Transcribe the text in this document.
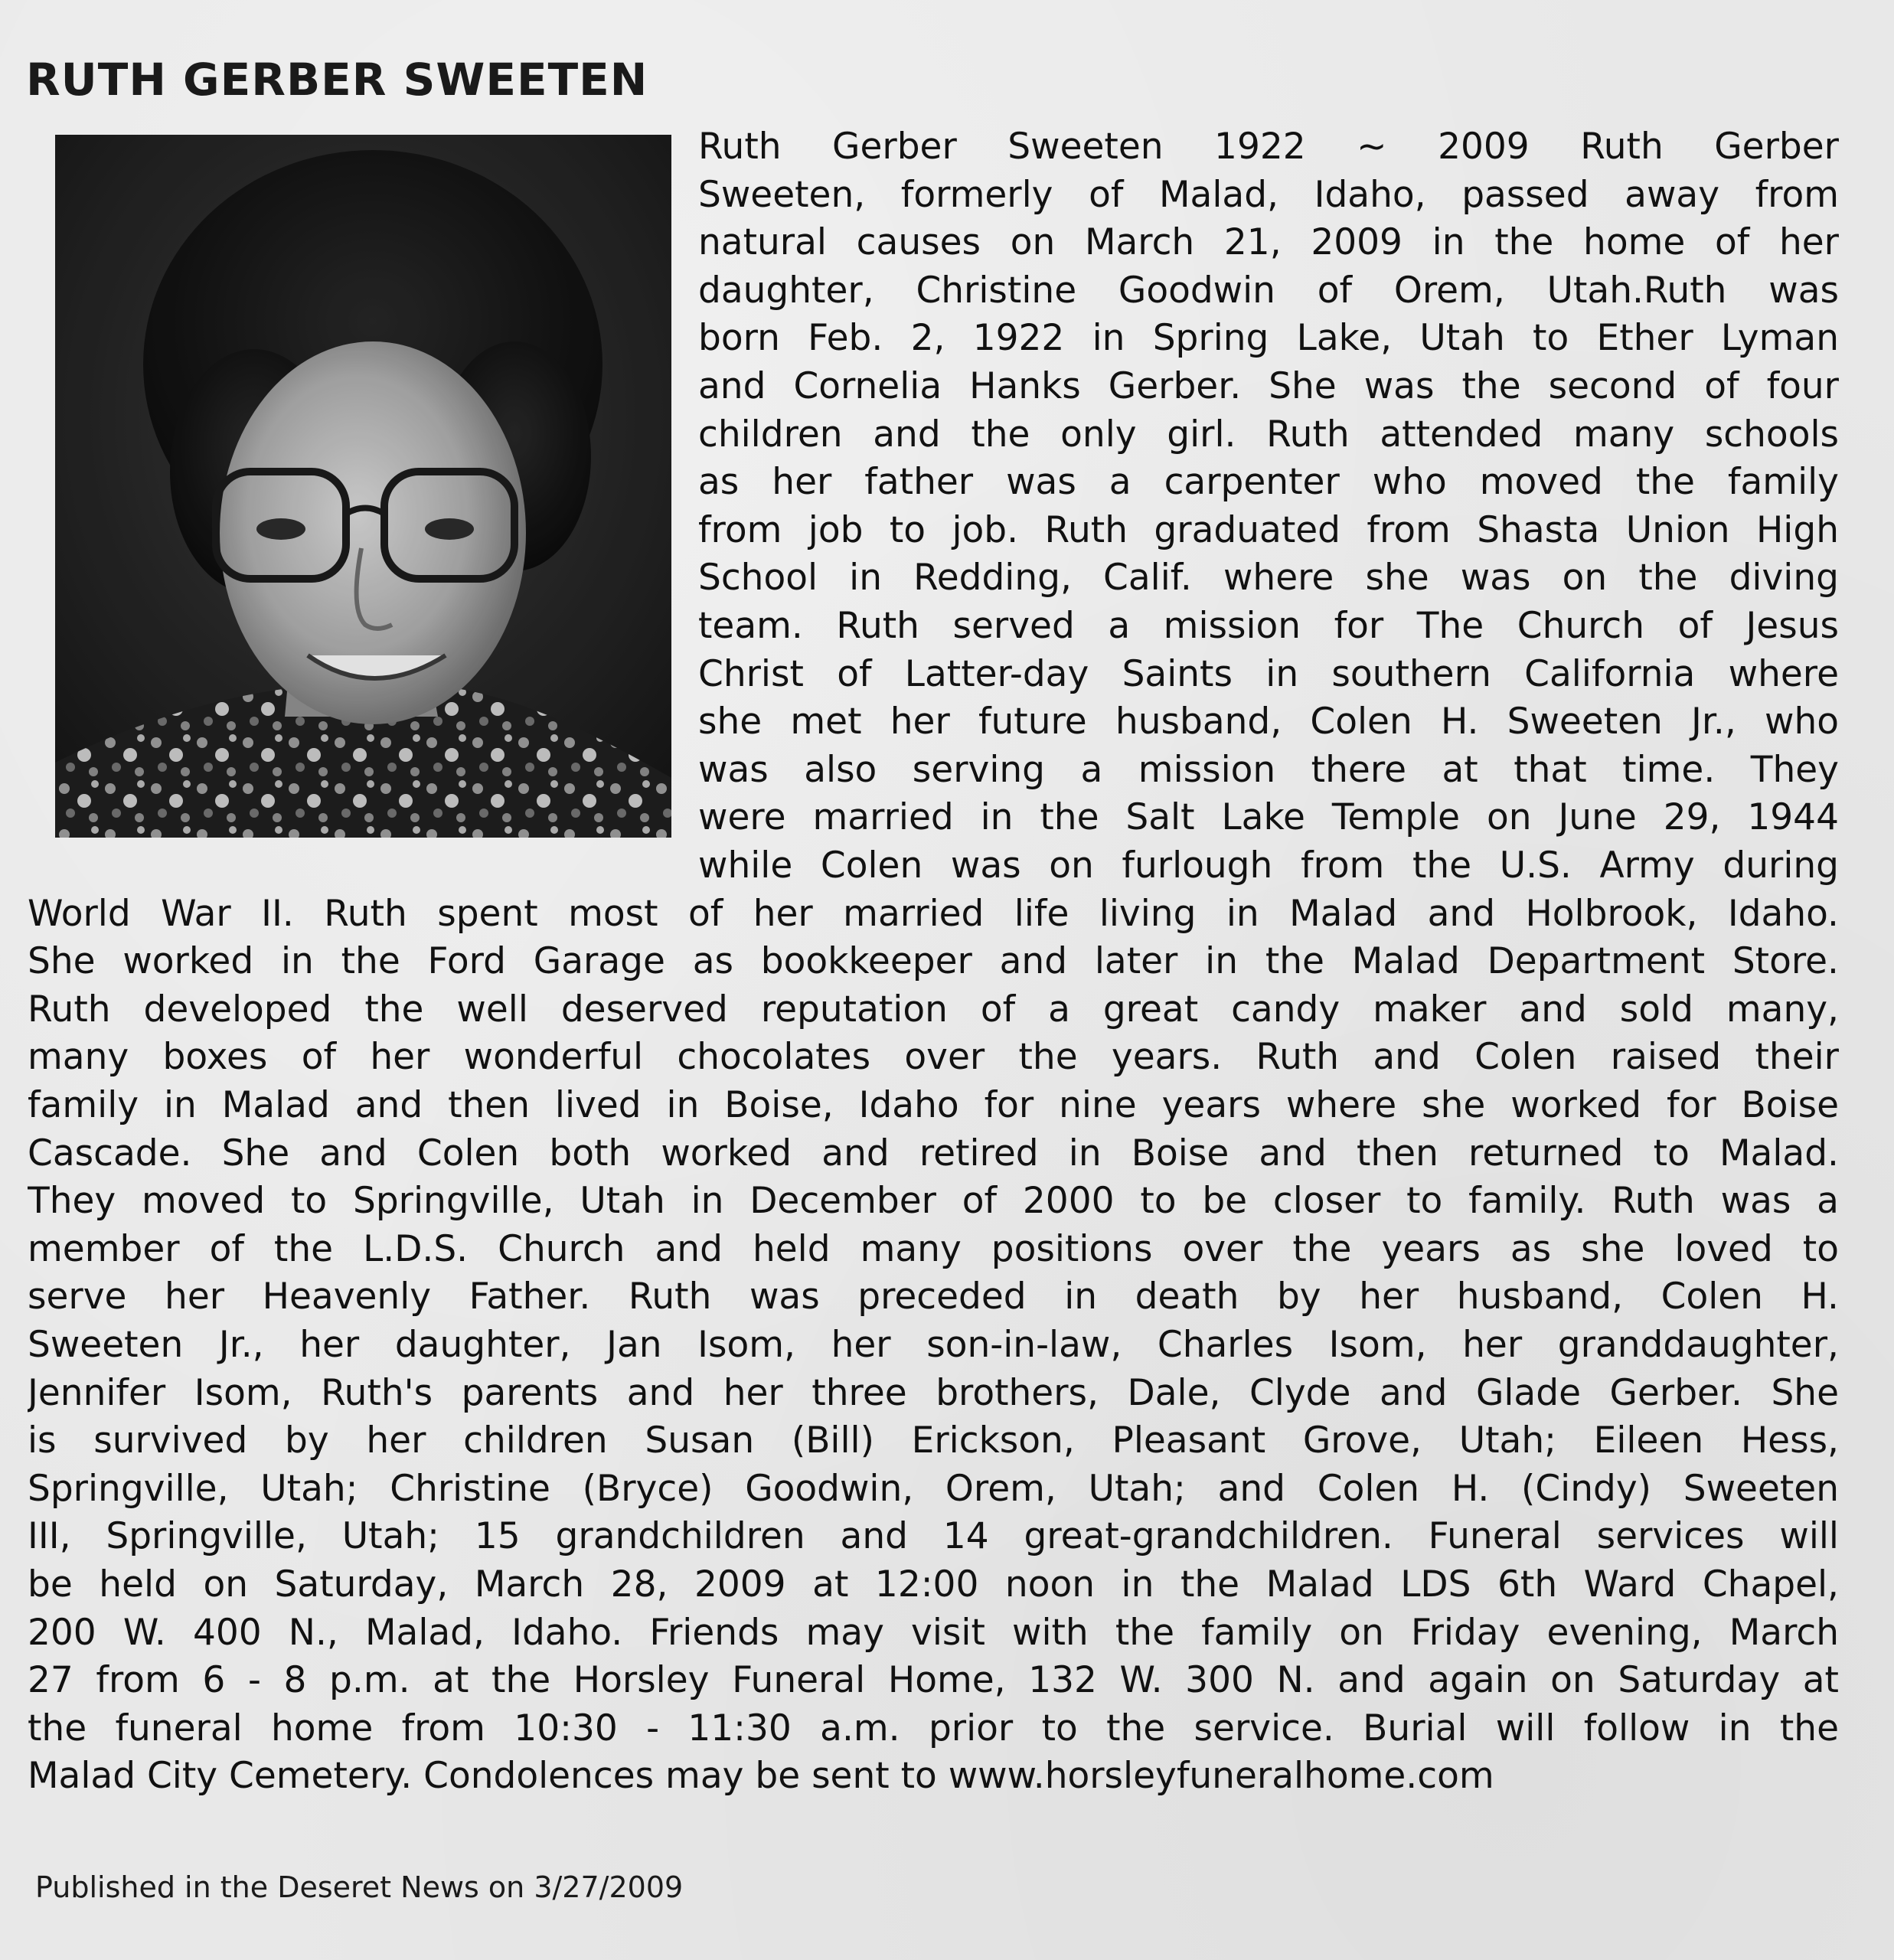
RUTH GERBER SWEETEN
Ruth Gerber Sweeten 1922 ~ 2009 Ruth Gerber
Sweeten, formerly of Malad, Idaho, passed away from
natural causes on March 21, 2009 in the home of her
daughter, Christine Goodwin of Orem, Utah.Ruth was
born Feb. 2, 1922 in Spring Lake, Utah to Ether Lyman
and Cornelia Hanks Gerber. She was the second of four
children and the only girl. Ruth attended many schools
as her father was a carpenter who moved the family
from job to job. Ruth graduated from Shasta Union High
School in Redding, Calif. where she was on the diving
team. Ruth served a mission for The Church of Jesus
Christ of Latter-day Saints in southern California where
she met her future husband, Colen H. Sweeten Jr., who
was also serving a mission there at that time. They
were married in the Salt Lake Temple on June 29, 1944
while Colen was on furlough from the U.S. Army during
World War II. Ruth spent most of her married life living in Malad and Holbrook, Idaho.
She worked in the Ford Garage as bookkeeper and later in the Malad Department Store.
Ruth developed the well deserved reputation of a great candy maker and sold many,
many boxes of her wonderful chocolates over the years. Ruth and Colen raised their
family in Malad and then lived in Boise, Idaho for nine years where she worked for Boise
Cascade. She and Colen both worked and retired in Boise and then returned to Malad.
They moved to Springville, Utah in December of 2000 to be closer to family. Ruth was a
member of the L.D.S. Church and held many positions over the years as she loved to
serve her Heavenly Father. Ruth was preceded in death by her husband, Colen H.
Sweeten Jr., her daughter, Jan Isom, her son-in-law, Charles Isom, her granddaughter,
Jennifer Isom, Ruth's parents and her three brothers, Dale, Clyde and Glade Gerber. She
is survived by her children Susan (Bill) Erickson, Pleasant Grove, Utah; Eileen Hess,
Springville, Utah; Christine (Bryce) Goodwin, Orem, Utah; and Colen H. (Cindy) Sweeten
III, Springville, Utah; 15 grandchildren and 14 great-grandchildren. Funeral services will
be held on Saturday, March 28, 2009 at 12:00 noon in the Malad LDS 6th Ward Chapel,
200 W. 400 N., Malad, Idaho. Friends may visit with the family on Friday evening, March
27 from 6 - 8 p.m. at the Horsley Funeral Home, 132 W. 300 N. and again on Saturday at
the funeral home from 10:30 - 11:30 a.m. prior to the service. Burial will follow in the
Malad City Cemetery. Condolences may be sent to www.horsleyfuneralhome.com
Published in the Deseret News on 3/27/2009
